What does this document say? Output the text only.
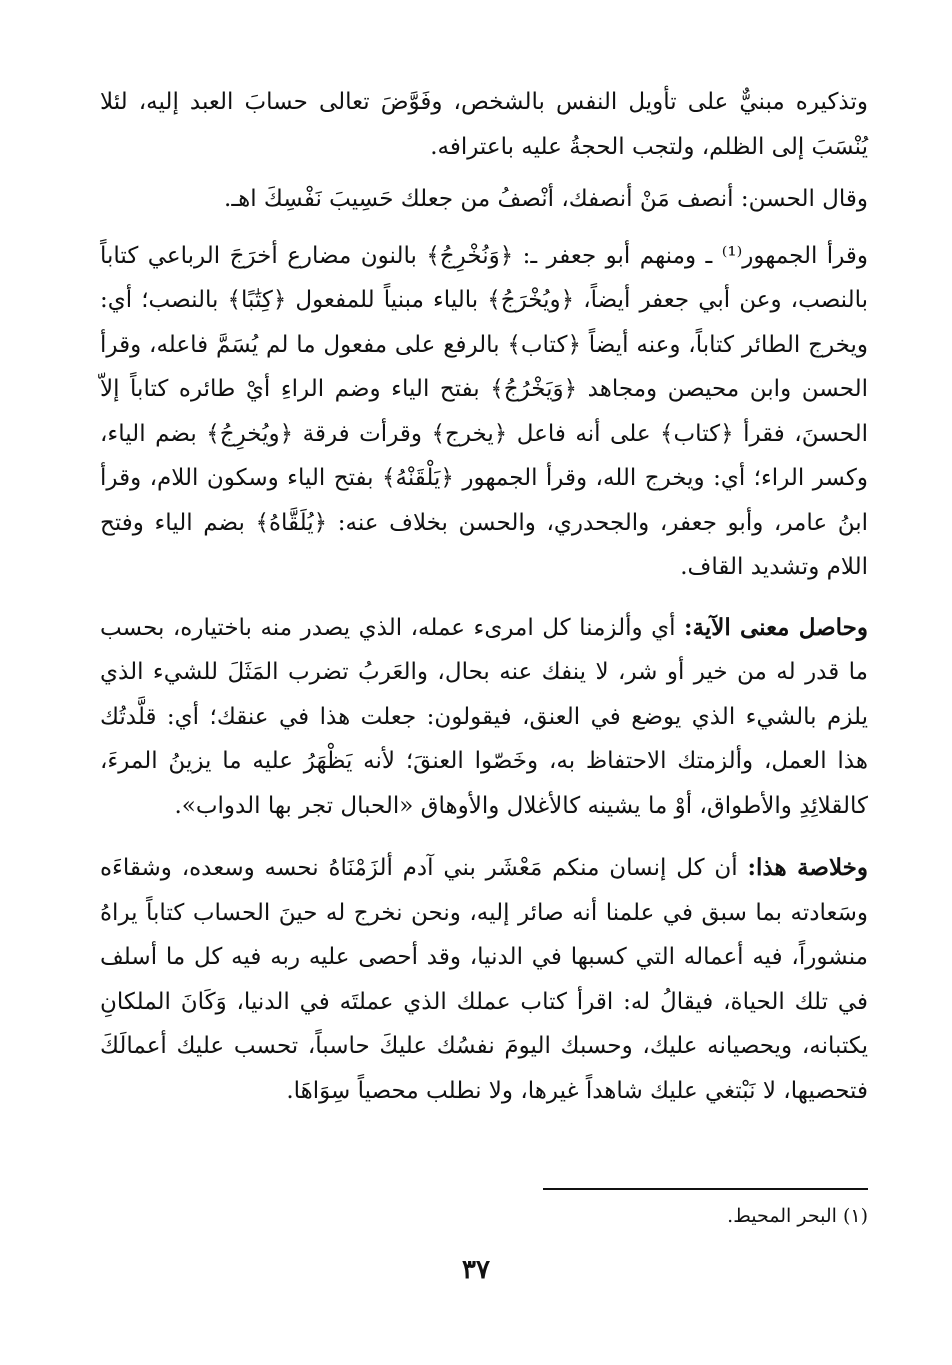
وتذكيره مبنيٌّ على تأويل النفس بالشخص، وفَوَّضَ تعالى حسابَ العبد إليه، لئلا يُنْسَبَ إلى الظلم، ولتجب الحجةُ عليه باعترافه.

وقال الحسن: أنصف مَنْ أنصفك، أنْصفُ من جعلك حَسِيبَ نَفْسِكَ اهـ.

وقرأ الجمهور⁽¹⁾ ـ ومنهم أبو جعفر ـ: ﴿وَنُخْرِجُ﴾ بالنون مضارع أخرَجَ الرباعي كتاباً بالنصب، وعن أبي جعفر أيضاً، ﴿ويُخْرَجُ﴾ بالياء مبنياً للمفعول ﴿كِتَٰبًا﴾ بالنصب؛ أي: ويخرج الطائر كتاباً، وعنه أيضاً ﴿كتاب﴾ بالرفع على مفعول ما لم يُسَمَّ فاعله، وقرأ الحسن وابن محيصن ومجاهد ﴿وَيَخْرُجُ﴾ بفتح الياء وضم الراءِ أيْ طائره كتاباً إلاّ الحسنَ، فقرأ ﴿كتاب﴾ على أنه فاعل ﴿يخرج﴾ وقرأت فرقة ﴿ويُخرِجُ﴾ بضم الياء، وكسر الراء؛ أي: ويخرج الله، وقرأ الجمهور ﴿يَلْقَنْهُ﴾ بفتح الياء وسكون اللام، وقرأ ابنُ عامر، وأبو جعفر، والجحدري، والحسن بخلاف عنه: ﴿يُلَقَّاهُ﴾ بضم الياء وفتح اللام وتشديد القاف.

وحاصل معنى الآية: أي وألزمنا كل امرىء عمله، الذي يصدر منه باختياره، بحسب ما قدر له من خير أو شر، لا ينفك عنه بحال، والعَربُ تضرب المَثَلَ للشيء الذي يلزم بالشيء الذي يوضع في العنق، فيقولون: جعلت هذا في عنقك؛ أي: قلَّدتُك هذا العمل، وألزمتك الاحتفاظ به، وخَصّوا العنقَ؛ لأنه يَظْهَرُ عليه ما يزينُ المرءَ، كالقلائِدِ والأطواق، أوْ ما يشينه كالأغلال والأوهاق «الحبال تجر بها الدواب».

وخلاصة هذا: أن كل إنسان منكم مَعْشَر بني آدم ألزَمْنَاهُ نحسه وسعده، وشقاءَه وسَعادته بما سبق في علمنا أنه صائر إليه، ونحن نخرج له حينَ الحساب كتاباً يراهُ منشوراً، فيه أعماله التي كسبها في الدنيا، وقد أحصى عليه ربه فيه كل ما أسلف في تلك الحياة، فيقالُ له: اقرأ كتاب عملك الذي عملتَه في الدنيا، وَكَانَ الملكانِ يكتبانه، ويحصيانه عليك، وحسبك اليومَ نفسُك عليكَ حاسباً، تحسب عليك أعمالَكَ فتحصيها، لا نَبْتغي عليك شاهداً غيرها، ولا نطلب محصياً سِوَاهَا.

(١) البحر المحيط.

٣٧
